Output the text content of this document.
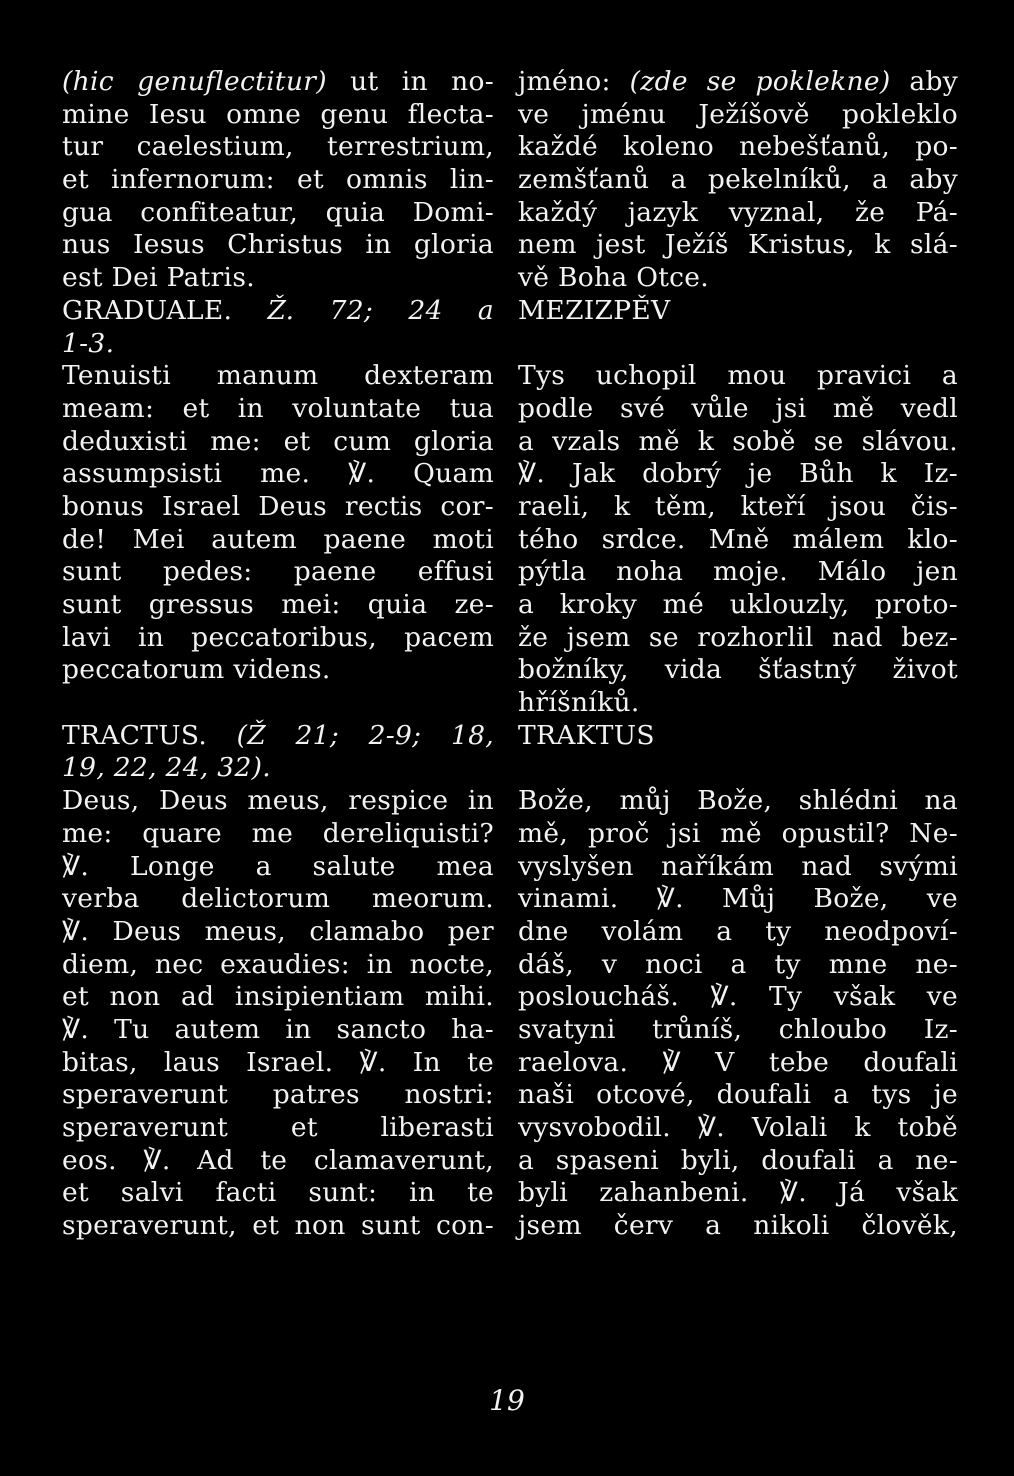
(hic genuflectitur) ut in no-
mine Iesu omne genu flecta-
tur caelestium, terrestrium,
et infernorum: et omnis lin-
gua confiteatur, quia Domi-
nus Iesus Christus in gloria
est Dei Patris.
GRADUALE. Ž. 72; 24 a
1-3.
Tenuisti manum dexteram
meam: et in voluntate tua
deduxisti me: et cum gloria
assumpsisti me. ℣. Quam
bonus Israel Deus rectis cor-
de! Mei autem paene moti
sunt pedes: paene effusi
sunt gressus mei: quia ze-
lavi in peccatoribus, pacem
peccatorum videns.
TRACTUS. (Ž 21; 2-9; 18,
19, 22, 24, 32).
Deus, Deus meus, respice in
me: quare me dereliquisti?
℣. Longe a salute mea
verba delictorum meorum.
℣. Deus meus, clamabo per
diem, nec exaudies: in nocte,
et non ad insipientiam mihi.
℣. Tu autem in sancto ha-
bitas, laus Israel. ℣. In te
speraverunt patres nostri:
speraverunt et liberasti
eos. ℣. Ad te clamaverunt,
et salvi facti sunt: in te
speraverunt, et non sunt con-
jméno: (zde se poklekne) aby
ve jménu Ježíšově pokleklo
každé koleno nebešťanů, po-
zemšťanů a pekelníků, a aby
každý jazyk vyznal, že Pá-
nem jest Ježíš Kristus, k slá-
vě Boha Otce.
MEZIZPĚV
Tys uchopil mou pravici a
podle své vůle jsi mě vedl
a vzals mě k sobě se slávou.
℣. Jak dobrý je Bůh k Iz-
raeli, k těm, kteří jsou čis-
tého srdce. Mně málem klo-
pýtla noha moje. Málo jen
a kroky mé uklouzly, proto-
že jsem se rozhorlil nad bez-
božníky, vida šťastný život
hříšníků.
TRAKTUS
Bože, můj Bože, shlédni na
mě, proč jsi mě opustil? Ne-
vyslyšen naříkám nad svými
vinami. ℣. Můj Bože, ve
dne volám a ty neodpoví-
dáš, v noci a ty mne ne-
posloucháš. ℣. Ty však ve
svatyni trůníš, chloubo Iz-
raelova. ℣ V tebe doufali
naši otcové, doufali a tys je
vysvobodil. ℣. Volali k tobě
a spaseni byli, doufali a ne-
byli zahanbeni. ℣. Já však
jsem červ a nikoli člověk,
19
